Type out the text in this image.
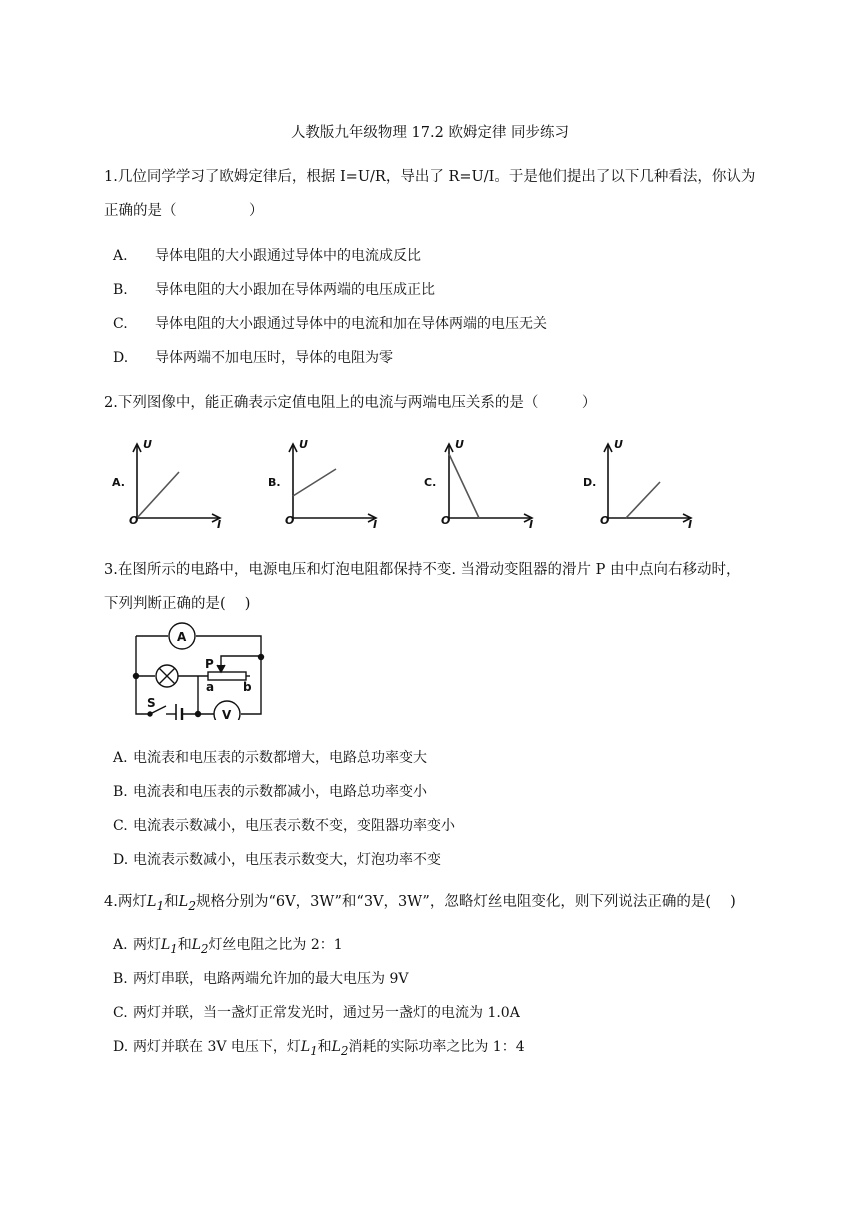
人教版九年级物理 17.2 欧姆定律 同步练习
1.几位同学学习了欧姆定律后，根据 I=U/R，导出了 R=U/I。于是他们提出了以下几种看法，你认为
正确的是（　　　　　）
A. 导体电阻的大小跟通过导体中的电流成反比
B. 导体电阻的大小跟加在导体两端的电压成正比
C. 导体电阻的大小跟通过导体中的电流和加在导体两端的电压无关
D. 导体两端不加电压时，导体的电阻为零
2.下列图像中，能正确表示定值电阻上的电流与两端电压关系的是（　　　）
U
I
O
U
I
O
U
I
O
U
I
O
A.	B.	C.	D.
3.在图所示的电路中，电源电压和灯泡电阻都保持不变. 当滑动变阻器的滑片 P 由中点向右移动时，
下列判断正确的是(　 )
A
V
P
a b
S
A. 电流表和电压表的示数都增大，电路总功率变大
B. 电流表和电压表的示数都减小，电路总功率变小
C. 电流表示数减小，电压表示数不变，变阻器功率变小
D. 电流表示数减小，电压表示数变大，灯泡功率不变
4.两灯$L_1$和$L_2$规格分别为“6V，3W”和“3V，3W”，忽略灯丝电阻变化，则下列说法正确的是(　 )
A. 两灯$L_1$和$L_2$灯丝电阻之比为 2：1
B. 两灯串联，电路两端允许加的最大电压为 9V
C. 两灯并联，当一盏灯正常发光时，通过另一盏灯的电流为 1.0A
D. 两灯并联在 3V 电压下，灯$L_1$和$L_2$消耗的实际功率之比为 1：4
